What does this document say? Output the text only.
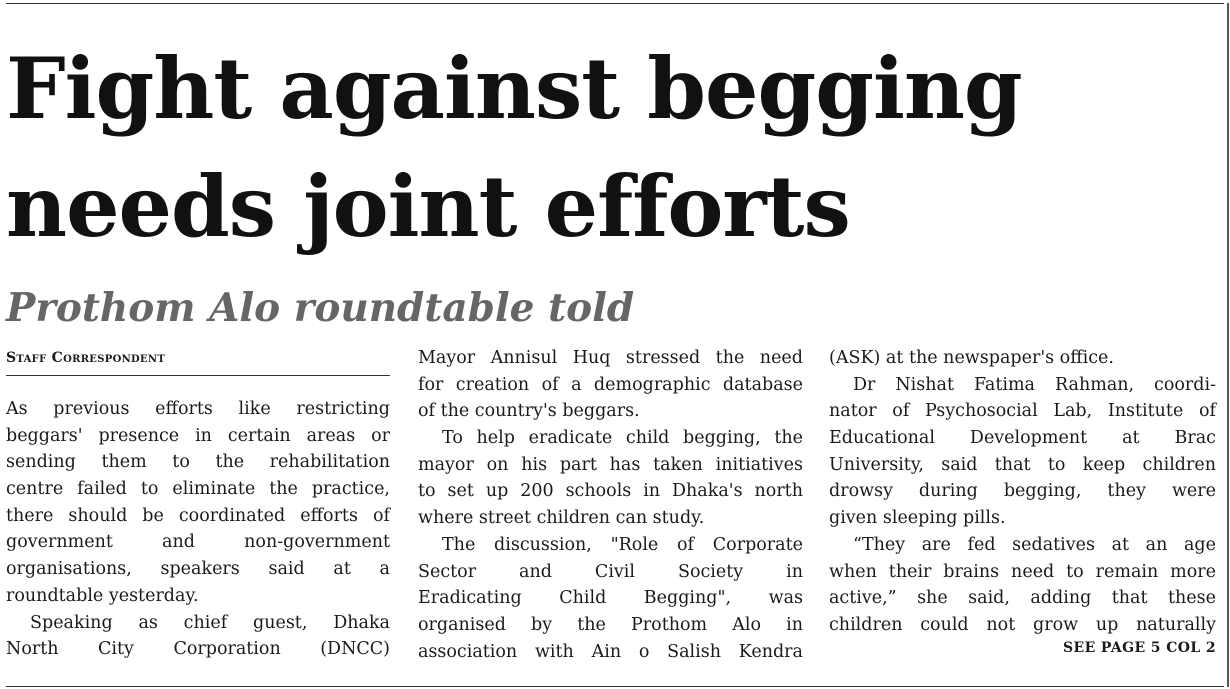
Fight against begging
needs joint efforts
Prothom Alo roundtable told
Staff Correspondent
As previous efforts like restricting
beggars' presence in certain areas or
sending them to the rehabilitation
centre failed to eliminate the practice,
there should be coordinated efforts of
government and non-government
organisations, speakers said at a
roundtable yesterday.
Speaking as chief guest, Dhaka
North City Corporation (DNCC)
Mayor Annisul Huq stressed the need
for creation of a demographic database
of the country's beggars.
To help eradicate child begging, the
mayor on his part has taken initiatives
to set up 200 schools in Dhaka's north
where street children can study.
The discussion, "Role of Corporate
Sector and Civil Society in
Eradicating Child Begging", was
organised by the Prothom Alo in
association with Ain o Salish Kendra
(ASK) at the newspaper's office.
Dr Nishat Fatima Rahman, coordi-
nator of Psychosocial Lab, Institute of
Educational Development at Brac
University, said that to keep children
drowsy during begging, they were
given sleeping pills.
“They are fed sedatives at an age
when their brains need to remain more
active,” she said, adding that these
children could not grow up naturally
SEE PAGE 5 COL 2
